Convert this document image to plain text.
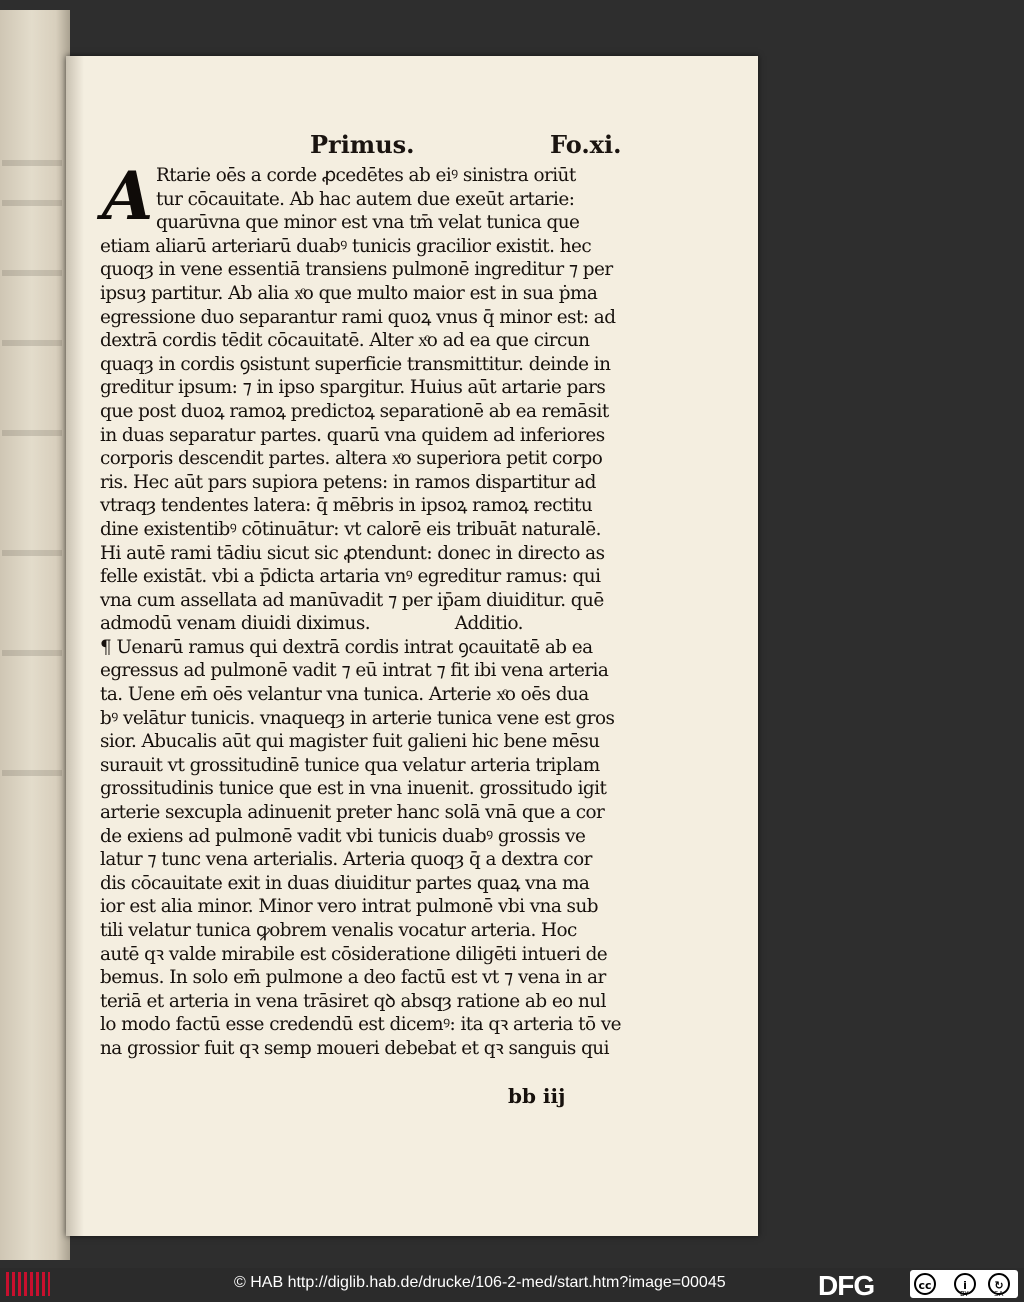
Primus.	Fo.xi.
A Rtarie oēs a corde ꝓcedētes ab eiꝰ sinistra oriūt
tur cōcauitate. Ab hac autem due exeūt artarie:
quarūvna que minor est vna tm̄ velat tunica que
etiam aliarū arteriarū duabꝰ tunicis gracilior existit. hec
quoqȝ in vene essentiā transiens pulmonē ingreditur ⁊ per
ipsuȝ partitur. Ab alia xͦo que multo maior est in sua ṗma
egressione duo separantur rami quoꝝ vnus q̄ minor est: ad
dextrā cordis tēdit cōcauitatē. Alter xͦo ad ea que circun
quaqȝ in cordis ꝯsistunt superficie transmittitur. deinde in
greditur ipsum: ⁊ in ipso spargitur. Huius aūt artarie pars
que post duoꝝ ramoꝝ predictoꝝ separationē ab ea remāsit
in duas separatur partes. quarū vna quidem ad inferiores
corporis descendit partes. altera xͦo superiora petit corpo
ris. Hec aūt pars supiora petens: in ramos dispartitur ad
vtraqȝ tendentes latera: q̄ mēbris in ipsoꝝ ramoꝝ rectitu
dine existentibꝰ cōtinuātur: vt calorē eis tribuāt naturalē.
Hi autē rami tādiu sicut sic ꝓtendunt: donec in directo as
felle existāt. vbi a p̄dicta artaria vnꝰ egreditur ramus: qui
vna cum assellata ad manūvadit ⁊ per ip̄am diuiditur. quē
admodū venam diuidi diximus.                Additio.
¶ Uenarū ramus qui dextrā cordis intrat ꝯcauitatē ab ea
egressus ad pulmonē vadit ⁊ eū intrat ⁊ fit ibi vena arteria
ta. Uene em̄ oēs velantur vna tunica. Arterie xͦo oēs dua
bꝰ velātur tunicis. vnaqueqȝ in arterie tunica vene est gros
sior. Abucalis aūt qui magister fuit galieni hic bene mēsu
surauit vt grossitudinē tunice qua velatur arteria triplam
grossitudinis tunice que est in vna inuenit. grossitudo igit
arterie sexcupla adinuenit preter hanc solā vnā que a cor
de exiens ad pulmonē vadit vbi tunicis duabꝰ grossis ve
latur ⁊ tunc vena arterialis. Arteria quoqȝ q̄ a dextra cor
dis cōcauitate exit in duas diuiditur partes quaꝝ vna ma
ior est alia minor. Minor vero intrat pulmonē vbi vna sub
tili velatur tunica ꝙobrem venalis vocatur arteria. Hoc
autē qꝛ valde mirabile est cōsideratione diligēti intueri de
bemus. In solo em̄ pulmone a deo factū est vt ⁊ vena in ar
teriā et arteria in vena trāsiret qꝺ absqȝ ratione ab eo nul
lo modo factū esse credendū est dicemꝰ: ita qꝛ arteria tō ve
na grossior fuit qꝛ semp moueri debebat et qꝛ sanguis qui
bb iij
© HAB http://diglib.hab.de/drucke/106-2-med/start.htm?image=00045	DFG	cc	i	↻
BY	SA
